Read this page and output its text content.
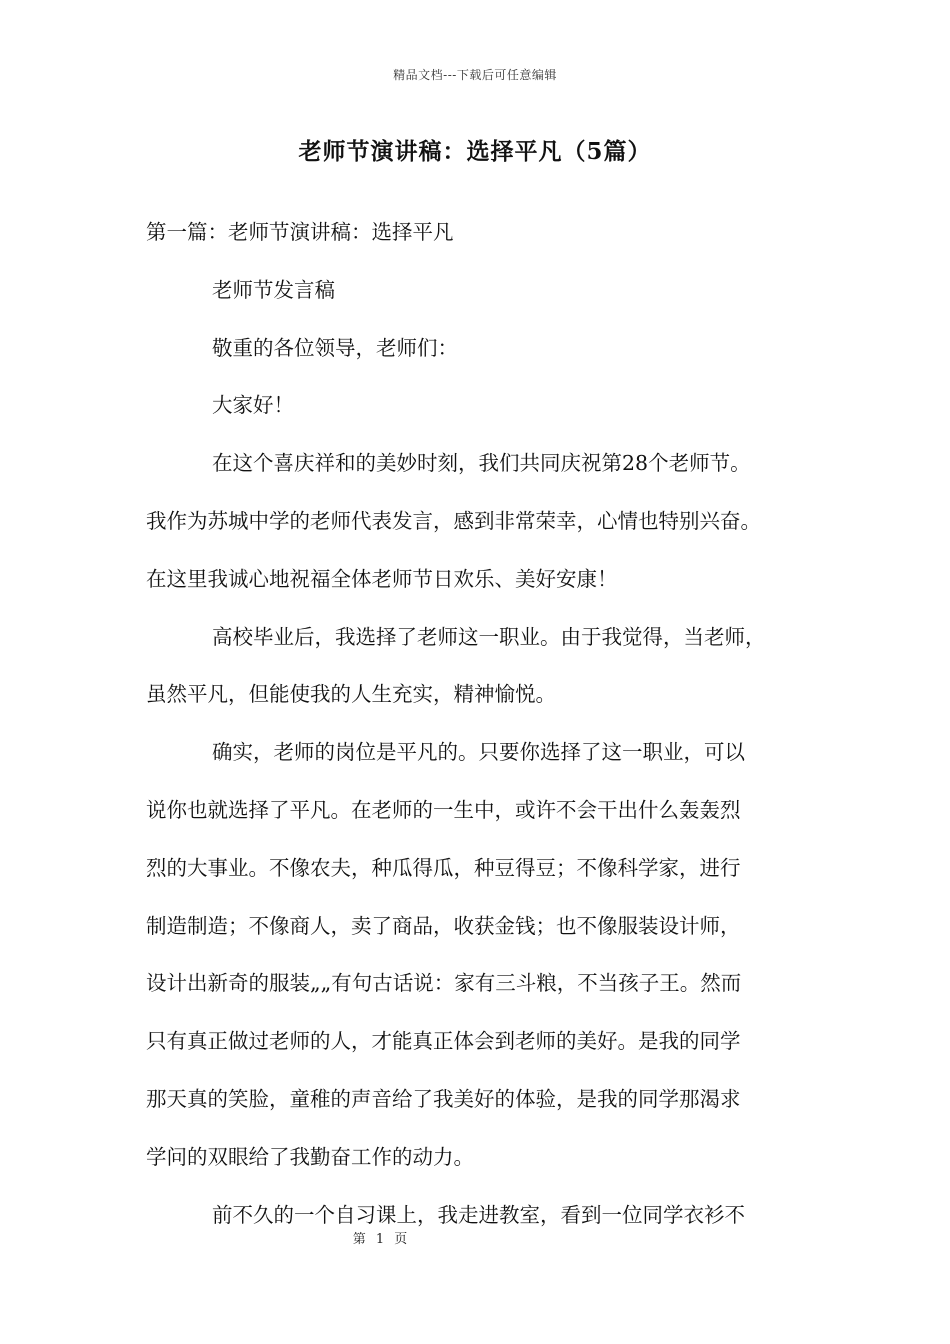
精品文档---下载后可任意编辑
老师节演讲稿：选择平凡（5篇）
第一篇：老师节演讲稿：选择平凡
老师节发言稿
敬重的各位领导，老师们：
大家好！
在这个喜庆祥和的美妙时刻，我们共同庆祝第28个老师节。
我作为苏城中学的老师代表发言，感到非常荣幸，心情也特别兴奋。
在这里我诚心地祝福全体老师节日欢乐、美好安康！
高校毕业后，我选择了老师这一职业。由于我觉得，当老师，
虽然平凡，但能使我的人生充实，精神愉悦。
确实，老师的岗位是平凡的。只要你选择了这一职业，可以
说你也就选择了平凡。在老师的一生中，或许不会干出什么轰轰烈
烈的大事业。不像农夫，种瓜得瓜，种豆得豆；不像科学家，进行
制造制造；不像商人，卖了商品，收获金钱；也不像服装设计师，
设计出新奇的服装„„有句古话说：家有三斗粮，不当孩子王。然而
只有真正做过老师的人，才能真正体会到老师的美好。是我的同学
那天真的笑脸，童稚的声音给了我美好的体验，是我的同学那渴求
学问的双眼给了我勤奋工作的动力。
前不久的一个自习课上，我走进教室，看到一位同学衣衫不
第 1 页
